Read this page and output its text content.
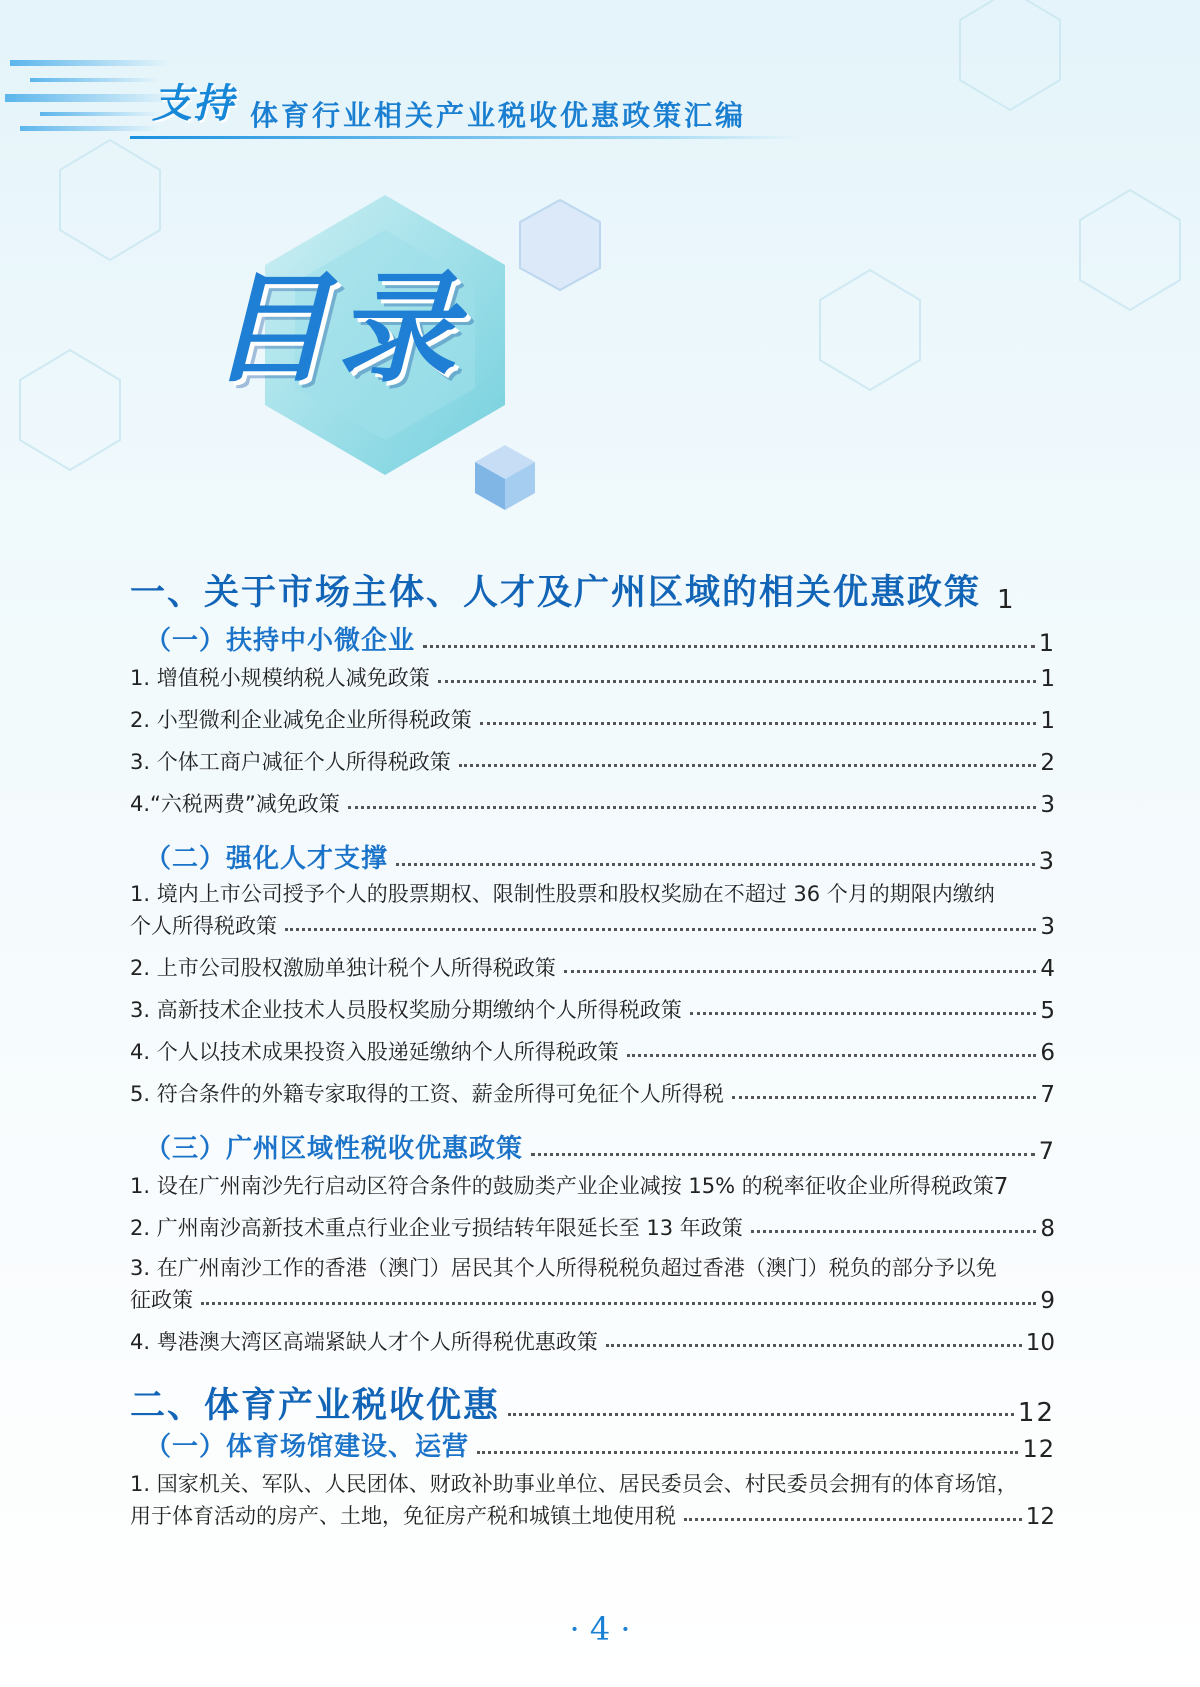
支持 体育行业相关产业税收优惠政策汇编
目录
一、关于市场主体、人才及广州区域的相关优惠政策 1
（一）扶持中小微企业	1
1. 增值税小规模纳税人减免政策	1
2. 小型微利企业减免企业所得税政策	1
3. 个体工商户减征个人所得税政策	2
4.“六税两费”减免政策	3
（二）强化人才支撑	3
1. 境内上市公司授予个人的股票期权、限制性股票和股权奖励在不超过 36 个月的期限内缴纳
个人所得税政策	3
2. 上市公司股权激励单独计税个人所得税政策	4
3. 高新技术企业技术人员股权奖励分期缴纳个人所得税政策	5
4. 个人以技术成果投资入股递延缴纳个人所得税政策	6
5. 符合条件的外籍专家取得的工资、薪金所得可免征个人所得税	7
（三）广州区域性税收优惠政策	7
1. 设在广州南沙先行启动区符合条件的鼓励类产业企业减按 15% 的税率征收企业所得税政策 7
2. 广州南沙高新技术重点行业企业亏损结转年限延长至 13 年政策	8
3. 在广州南沙工作的香港（澳门）居民其个人所得税税负超过香港（澳门）税负的部分予以免
征政策	9
4. 粤港澳大湾区高端紧缺人才个人所得税优惠政策	10
二、体育产业税收优惠	12
（一）体育场馆建设、运营	12
1. 国家机关、军队、人民团体、财政补助事业单位、居民委员会、村民委员会拥有的体育场馆，
用于体育活动的房产、土地，免征房产税和城镇土地使用税	12
· 4 ·
